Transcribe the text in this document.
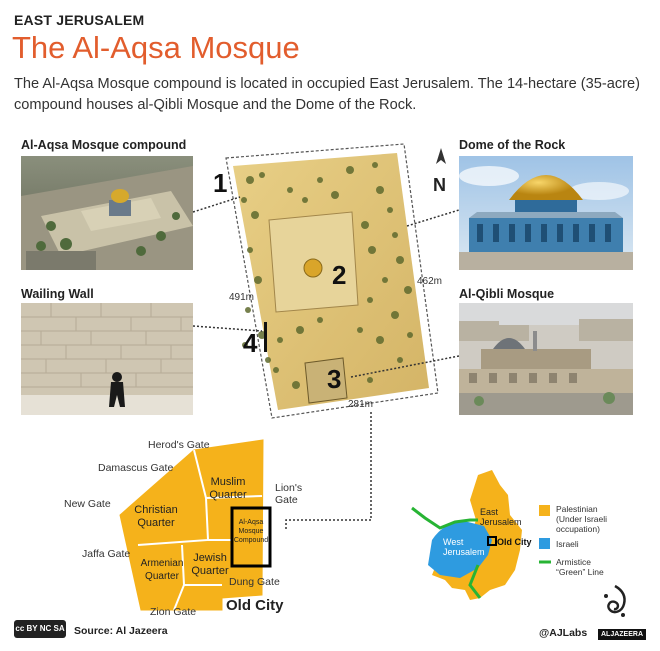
EAST JERUSALEM
The Al-Aqsa Mosque
The Al-Aqsa Mosque compound is located in occupied East Jerusalem. The 14-hectare (35-acre) compound houses al-Qibli Mosque and the Dome of the Rock.
Al-Aqsa Mosque compound	Dome of the Rock
Wailing Wall	Al-Qibli Mosque
1
2
3
4
N
491m
462m
281m
Herod's Gate
Damascus Gate
New Gate
Lion's
Gate
Jaffa Gate
Dung Gate
Zion Gate
Muslim
Quarter
Christian
Quarter
Armenian
Quarter
Jewish
Quarter
Al-Aqsa
Mosque
Compound
Old City
East
Jerusalem
West
Jerusalem
Old City
Palestinian
(Under Israeli
occupation)
Israeli
Armistice
“Green” Line
cc BY NC SA Source: Al Jazeera	@AJLabs	ALJAZEERA
